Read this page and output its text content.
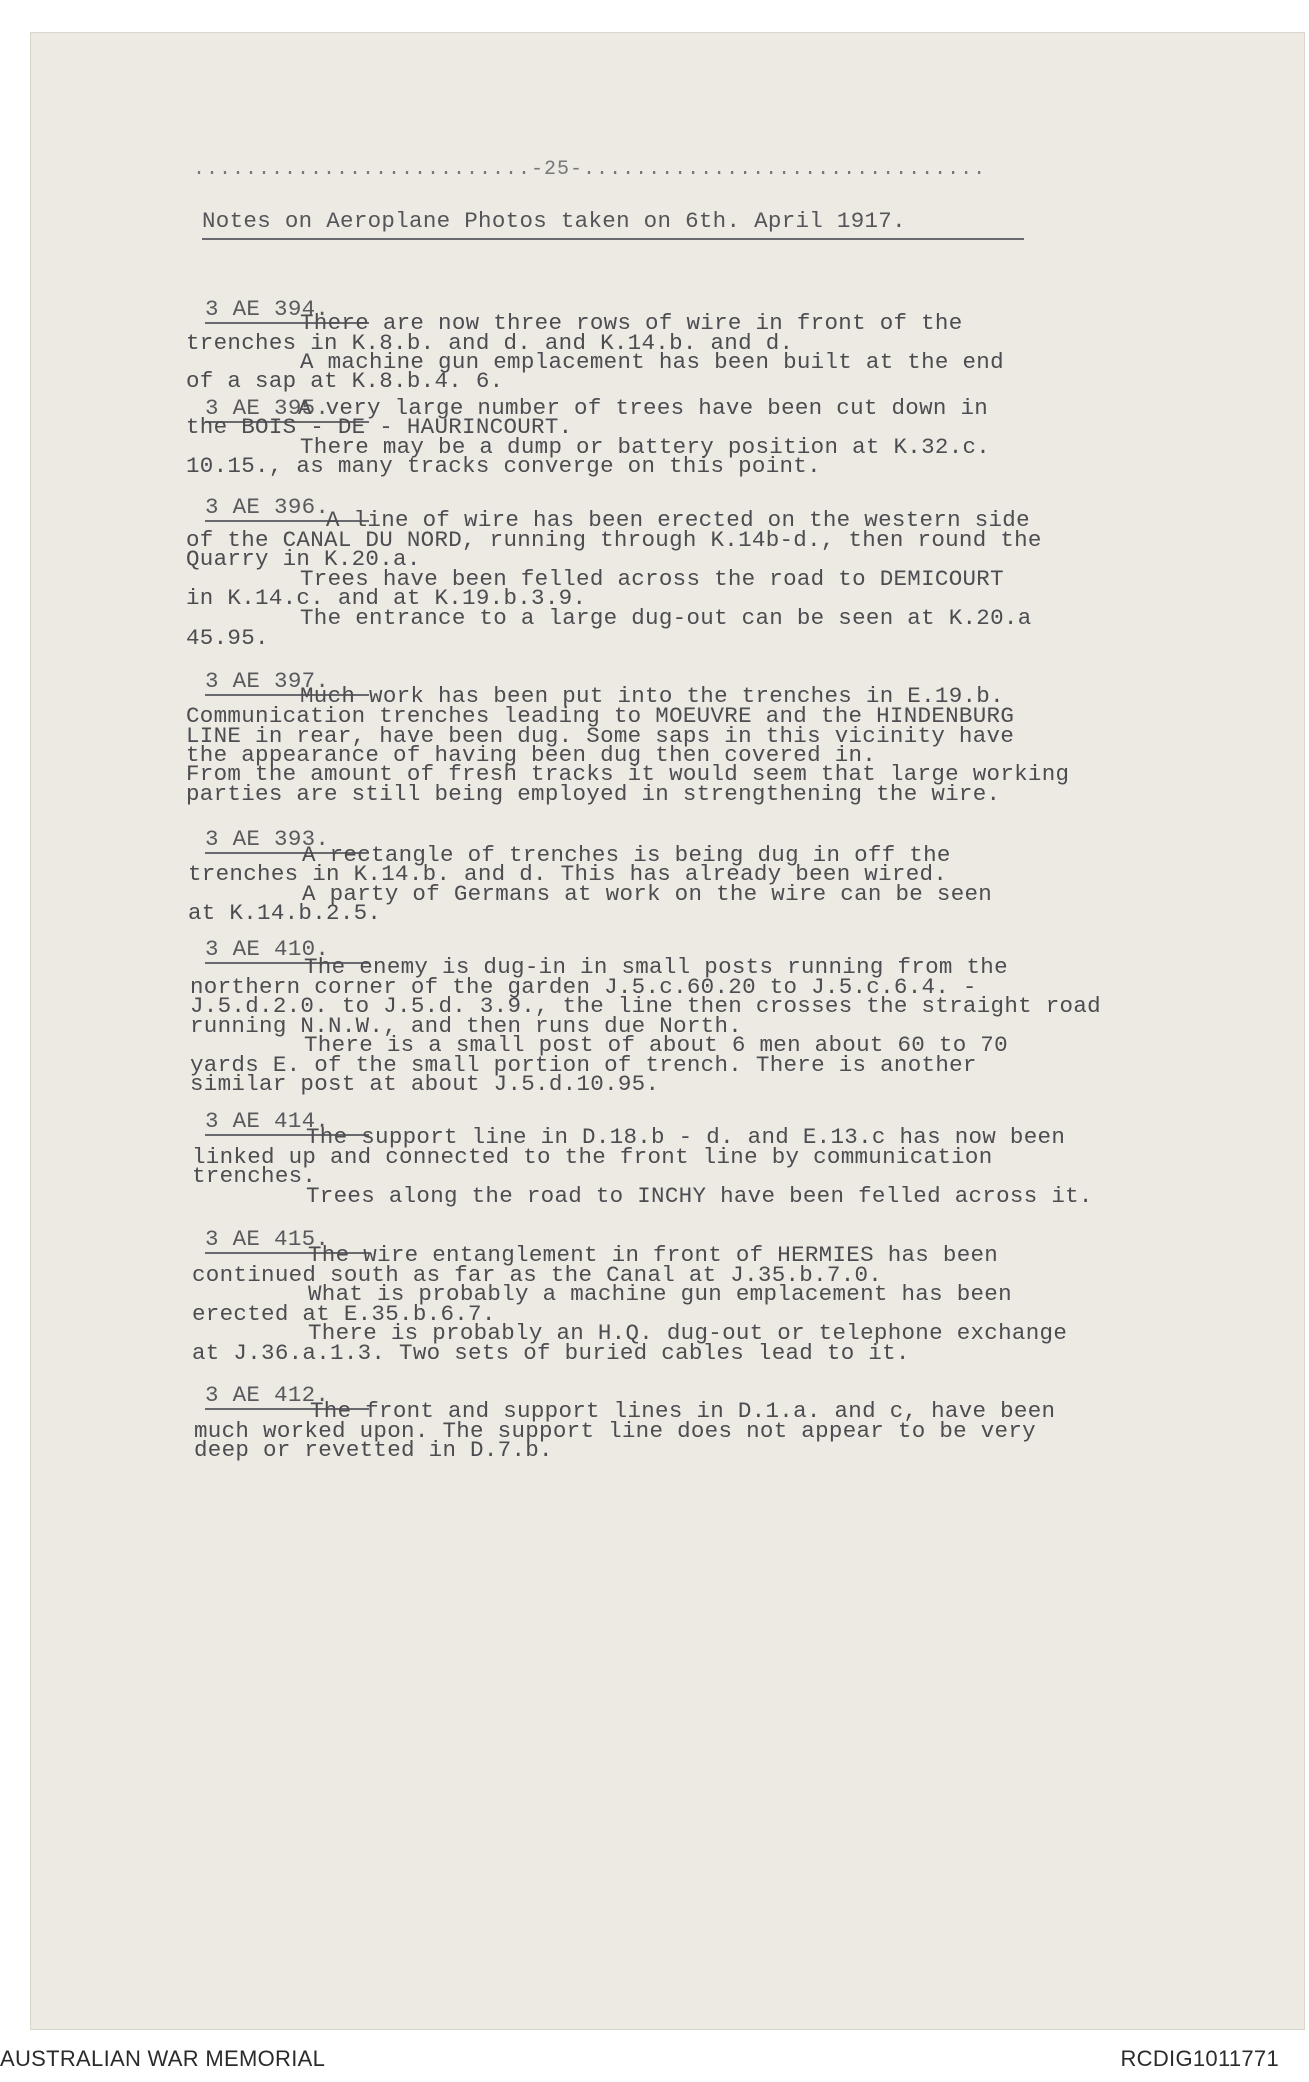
..........................-25-...............................
Notes on Aeroplane Photos taken on 6th. April 1917.
3 AE 394.
There are now three rows of wire in front of the
trenches in K.8.b. and d. and K.14.b. and d.
A machine gun emplacement has been built at the end
of a sap at K.8.b.4. 6.
3 AE 395.
A very large number of trees have been cut down in
the BOIS - DE - HAURINCOURT.
There may be a dump or battery position at K.32.c.
10.15., as many tracks converge on this point.
3 AE 396.
A line of wire has been erected on the western side
of the CANAL DU NORD, running through K.14b-d., then round the
Quarry in K.20.a.
Trees have been felled across the road to DEMICOURT
in K.14.c. and at K.19.b.3.9.
The entrance to a large dug-out can be seen at K.20.a
45.95.
3 AE 397.
Much work has been put into the trenches in E.19.b.
Communication trenches leading to MOEUVRE and the HINDENBURG
LINE in rear, have been dug. Some saps in this vicinity have
the appearance of having been dug then covered in.
From the amount of fresh tracks it would seem that large working
parties are still being employed in strengthening the wire.
3 AE 393.
A rectangle of trenches is being dug in off the
trenches in K.14.b. and d. This has already been wired.
A party of Germans at work on the wire can be seen
at K.14.b.2.5.
3 AE 410.
The enemy is dug-in in small posts running from the
northern corner of the garden J.5.c.60.20 to J.5.c.6.4. -
J.5.d.2.0. to J.5.d. 3.9., the line then crosses the straight road
running N.N.W., and then runs due North.
There is a small post of about 6 men about 60 to 70
yards E. of the small portion of trench. There is another
similar post at about J.5.d.10.95.
3 AE 414.
The support line in D.18.b - d. and E.13.c has now been
linked up and connected to the front line by communication
trenches.
Trees along the road to INCHY have been felled across it.
3 AE 415.
The wire entanglement in front of HERMIES has been
continued south as far as the Canal at J.35.b.7.0.
What is probably a machine gun emplacement has been
erected at E.35.b.6.7.
There is probably an H.Q. dug-out or telephone exchange
at J.36.a.1.3. Two sets of buried cables lead to it.
3 AE 412.
The front and support lines in D.1.a. and c, have been
much worked upon. The support line does not appear to be very
deep or revetted in D.7.b.
AUSTRALIAN WAR MEMORIAL	RCDIG1011771
